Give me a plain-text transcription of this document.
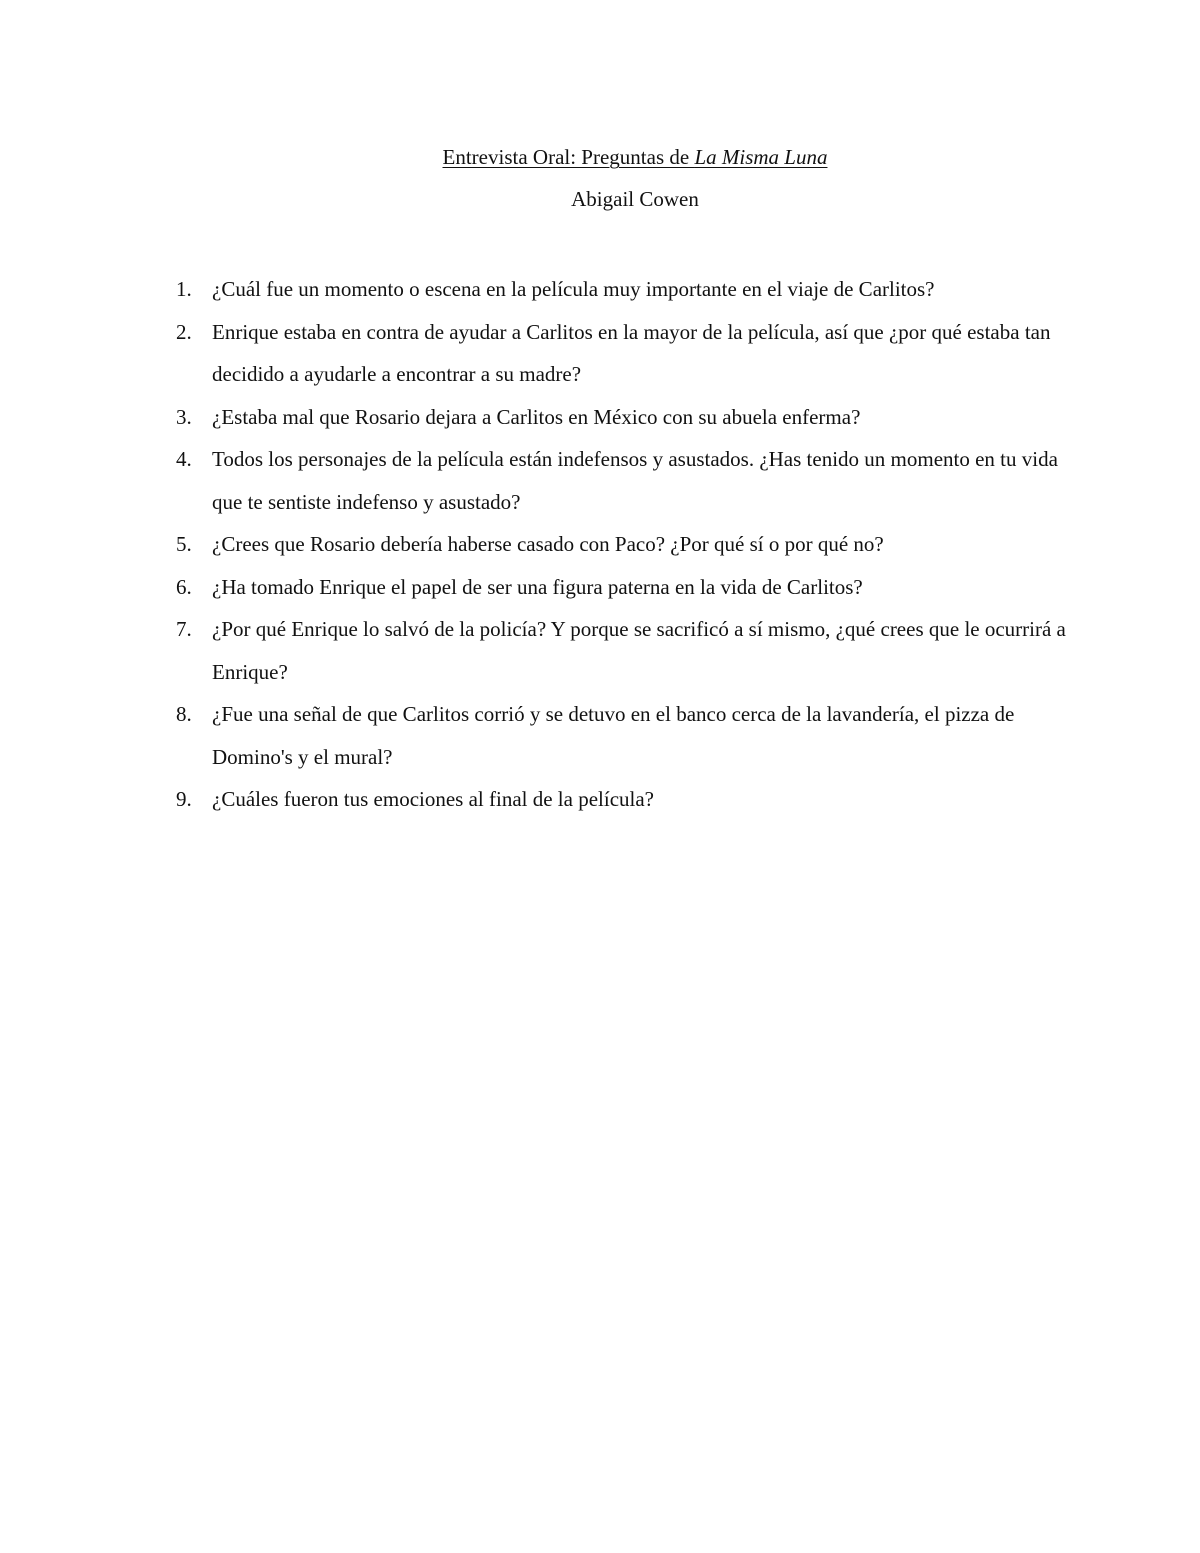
Entrevista Oral: Preguntas de La Misma Luna
Abigail Cowen
1. ¿Cuál fue un momento o escena en la película muy importante en el viaje de Carlitos?
2. Enrique estaba en contra de ayudar a Carlitos en la mayor de la película, así que ¿por qué estaba tan decidido a ayudarle a encontrar a su madre?
3. ¿Estaba mal que Rosario dejara a Carlitos en México con su abuela enferma?
4. Todos los personajes de la película están indefensos y asustados. ¿Has tenido un momento en tu vida que te sentiste indefenso y asustado?
5. ¿Crees que Rosario debería haberse casado con Paco? ¿Por qué sí o por qué no?
6. ¿Ha tomado Enrique el papel de ser una figura paterna en la vida de Carlitos?
7. ¿Por qué Enrique lo salvó de la policía? Y porque se sacrificó a sí mismo, ¿qué crees que le ocurrirá a Enrique?
8. ¿Fue una señal de que Carlitos corrió y se detuvo en el banco cerca de la lavandería, el pizza de Domino's y el mural?
9. ¿Cuáles fueron tus emociones al final de la película?
